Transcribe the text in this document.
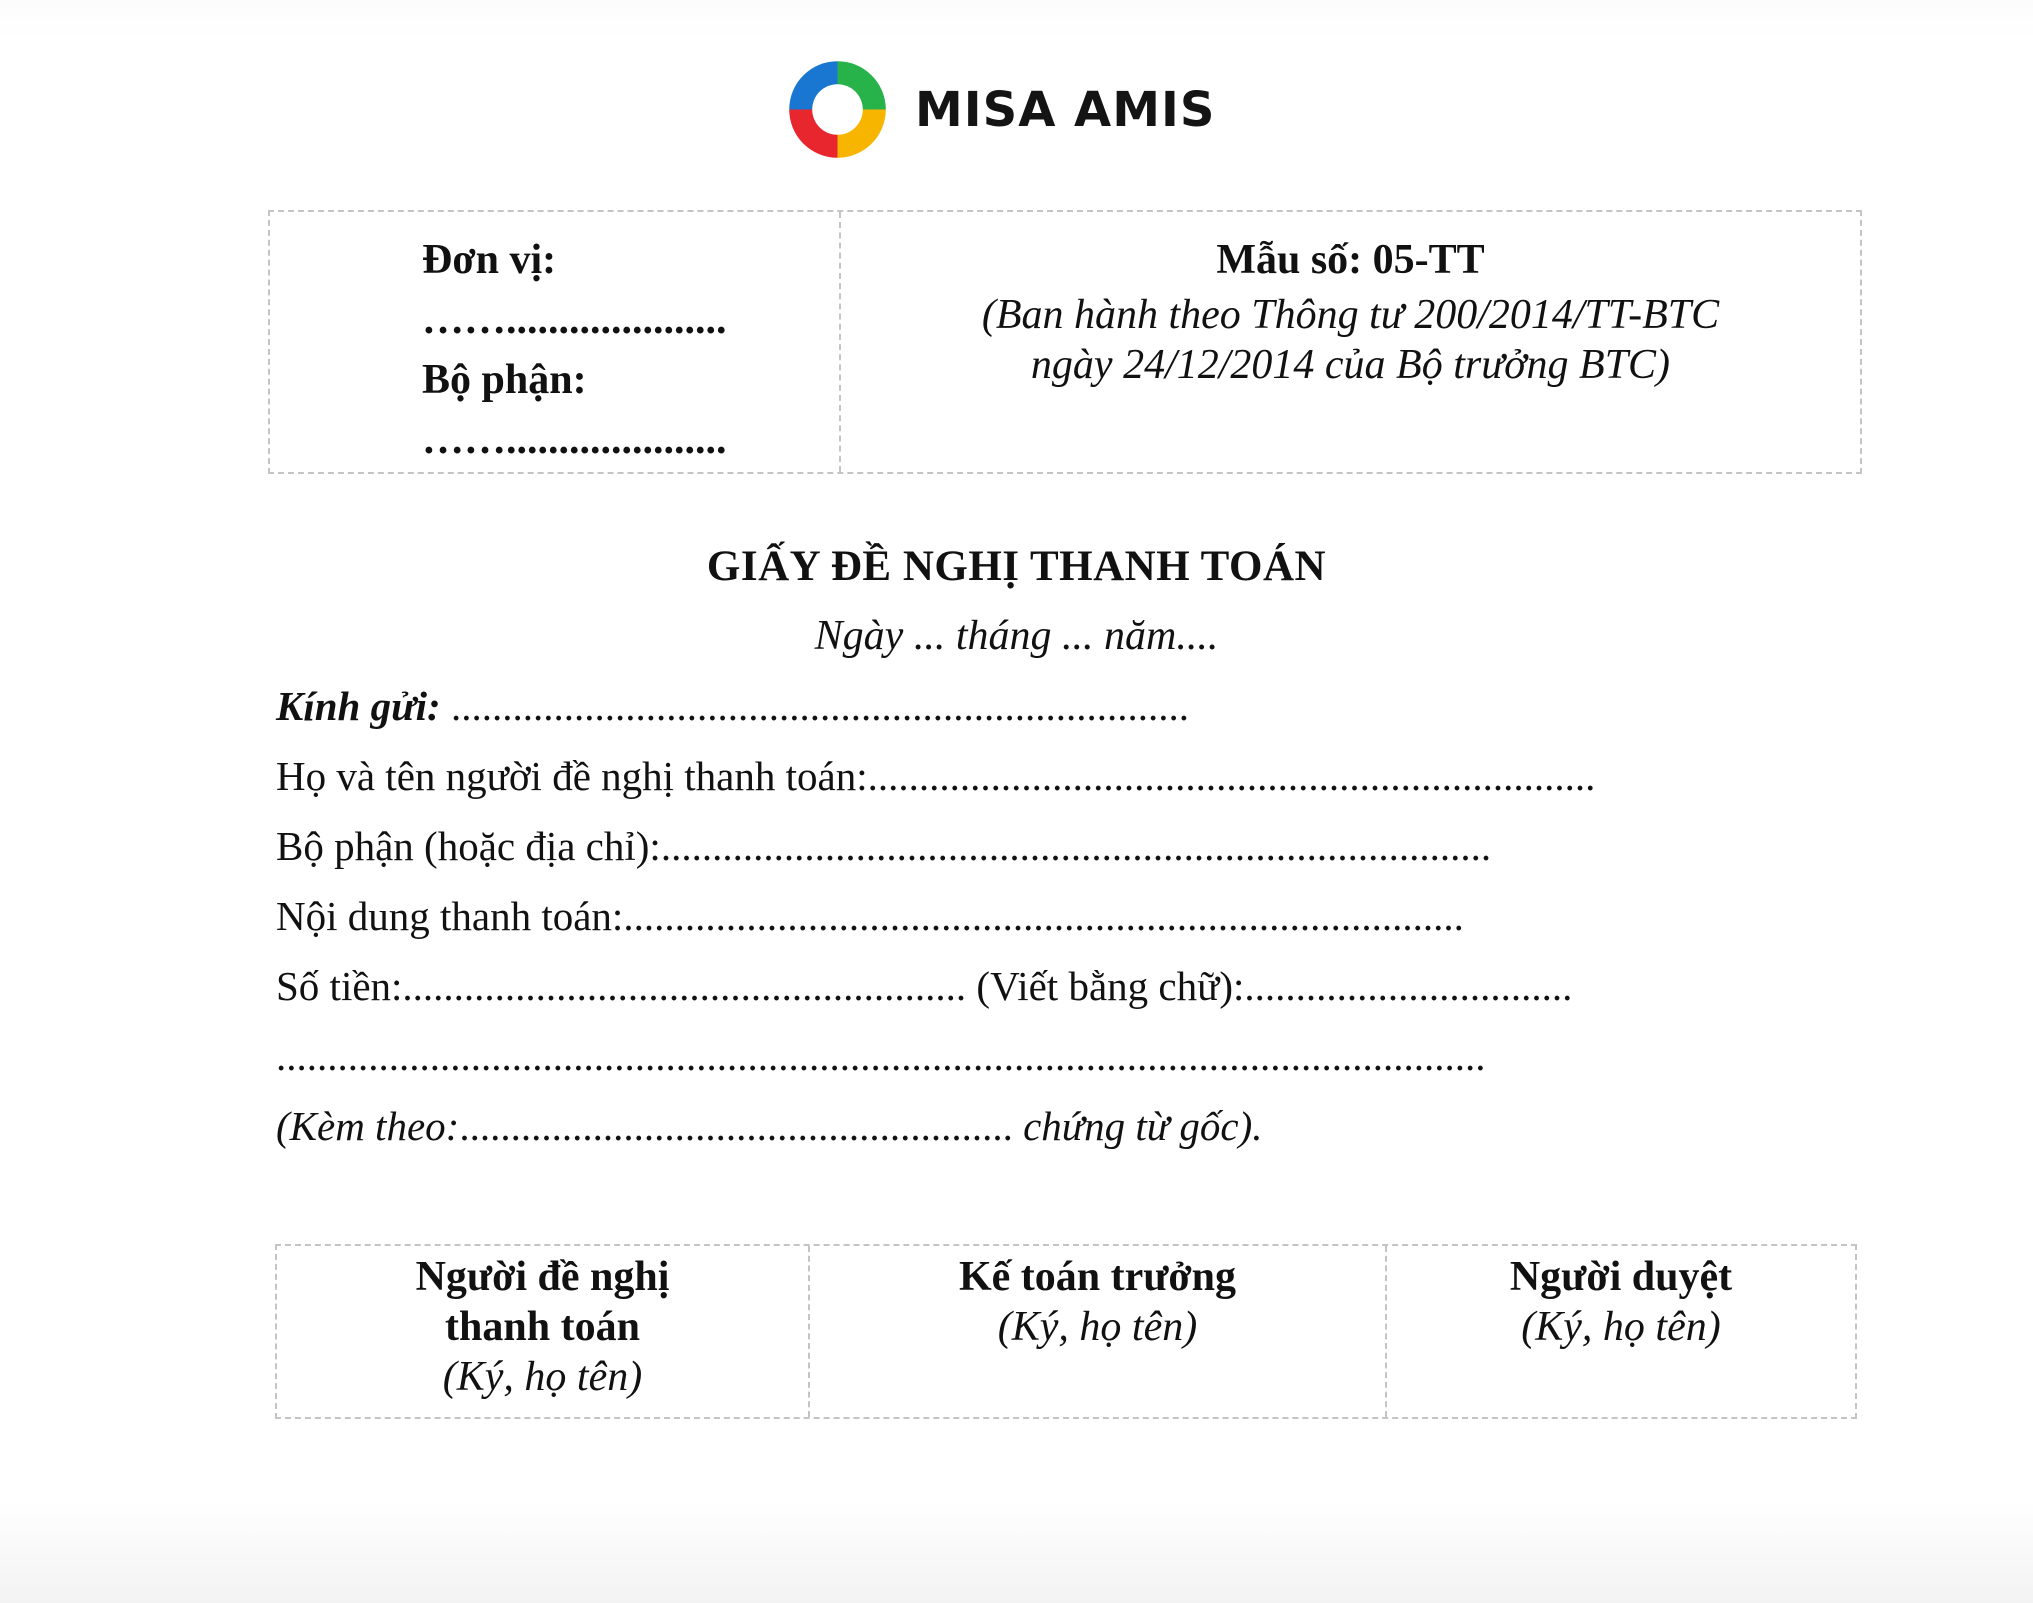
MISA AMIS
Đơn vị:
…….....................
Bộ phận:
…….....................
Mẫu số: 05-TT
(Ban hành theo Thông tư 200/2014/TT-BTC
ngày 24/12/2014 của Bộ trưởng BTC)
GIẤY ĐỀ NGHỊ THANH TOÁN
Ngày ... tháng ... năm....
Kính gửi: ........................................................................
Họ và tên người đề nghị thanh toán:.......................................................................
Bộ phận (hoặc địa chỉ):.................................................................................
Nội dung thanh toán:..................................................................................
Số tiền:....................................................... (Viết bằng chữ):................................
......................................................................................................................
(Kèm theo:...................................................... chứng từ gốc).
Người đề nghị
thanh toán
(Ký, họ tên)
Kế toán trưởng
(Ký, họ tên)
Người duyệt
(Ký, họ tên)
